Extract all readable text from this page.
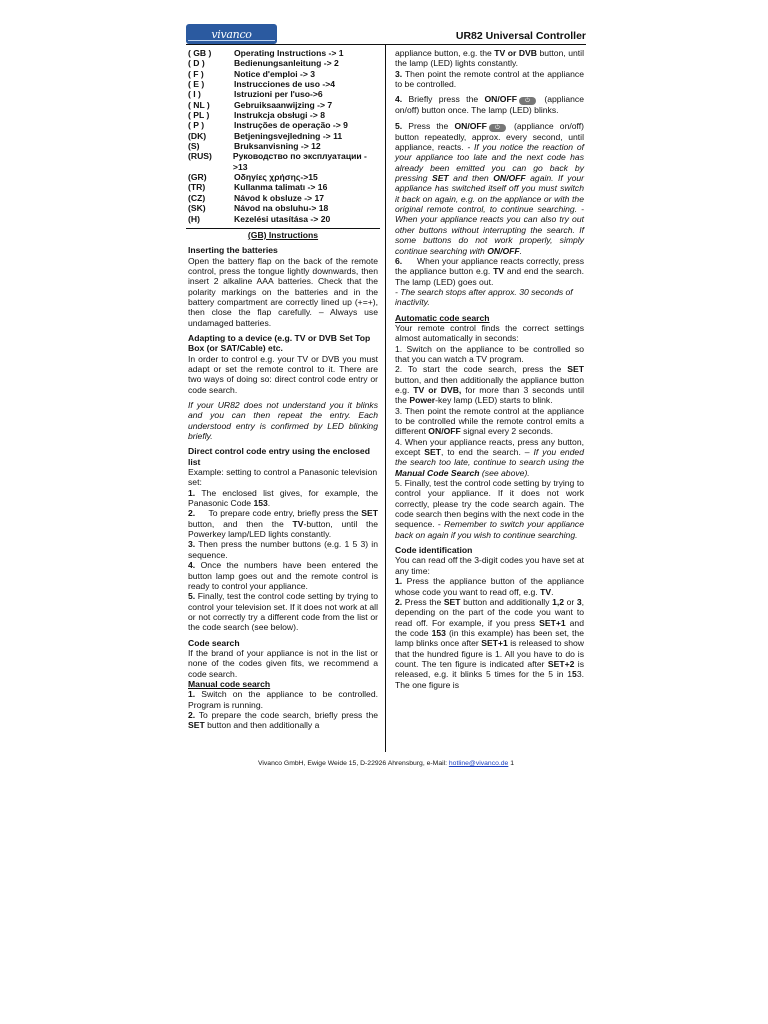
vivanco	UR82 Universal Controller
( GB )	Operating Instructions -> 1
( D )	Bedienungsanleitung -> 2
( F )	Notice d'emploi -> 3
( E )	Instrucciones de uso ->4
( I )	Istruzioni per l'uso->6
( NL )	Gebruiksaanwijzing -> 7
( PL )	Instrukcja obsługi -> 8
( P )	Instruções de operação -> 9
(DK)	Betjeningsvejledning -> 11
(S)	Bruksanvisning -> 12
(RUS)	Руководство по эксплуатации ->13
(GR)	Οδηγίες χρήσης->15
(TR)	Kullanma talimatı -> 16
(CZ)	Návod k obsluze -> 17
(SK)	Návod na obsluhu-> 18
(H)	Kezelési utasítása -> 20
(GB) Instructions
Inserting the batteries

Open the battery flap on the back of the remote control, press the tongue lightly downwards, then insert 2 alkaline AAA batteries. Check that the polarity markings on the batteries and in the battery compartment are correctly lined up (+=+), then close the flap carefully. – Always use undamaged batteries.

Adapting to a device (e.g. TV or DVB Set Top Box (or SAT/Cable) etc.

In order to control e.g. your TV or DVB you must adapt or set the remote control to it. There are two ways of doing so: direct control code entry or code search.

If your UR82 does not understand you it blinks and you can then repeat the entry. Each understood entry is confirmed by LED blinking briefly.

Direct control code entry using the enclosed list

Example: setting to control a Panasonic television set:

1. The enclosed list gives, for example, the Panasonic Code 153.

2. To prepare code entry, briefly press the SET button, and then the TV-button, until the Powerkey lamp/LED lights constantly.

3. Then press the number buttons (e.g. 1 5 3) in sequence.

4. Once the numbers have been entered the button lamp goes out and the remote control is ready to control your appliance.

5. Finally, test the control code setting by trying to control your television set. If it does not work at all or not correctly try a different code from the list or the code search (see below).

Code search

If the brand of your appliance is not in the list or none of the codes given fits, we recommend a code search.

Manual code search

1. Switch on the appliance to be controlled. Program is running.

2. To prepare the code search, briefly press the SET button and then additionally a

appliance button, e.g. the TV or DVB button, until the lamp (LED) lights constantly.

3. Then point the remote control at the appliance to be controlled.

4. Briefly press the ON/OFF ⏻ (appliance on/off) button once. The lamp (LED) blinks.

5. Press the ON/OFF ⏻ (appliance on/off) button repeatedly, approx. every second, until appliance, reacts. - If you notice the reaction of your appliance too late and the next code has already been emitted you can go back by pressing SET and then ON/OFF again. If your appliance has switched itself off you must switch it back on again, e.g. on the appliance or with the original remote control, to continue searching. - When your appliance reacts you can also try out other buttons without interrupting the search. If some buttons do not work properly, simply continue searching with ON/OFF.

6. When your appliance reacts correctly, press the appliance button e.g. TV and end the search. The lamp (LED) goes out.

- The search stops after approx. 30 seconds of inactivity.

Automatic code search

Your remote control finds the correct settings almost automatically in seconds:

1. Switch on the appliance to be controlled so that you can watch a TV program.

2. To start the code search, press the SET button, and then additionally the appliance button e.g. TV or DVB, for more than 3 seconds until the Power-key lamp (LED) starts to blink.

3. Then point the remote control at the appliance to be controlled while the remote control emits a different ON/OFF signal every 2 seconds.

4. When your appliance reacts, press any button, except SET, to end the search. – If you ended the search too late, continue to search using the Manual Code Search (see above).

5. Finally, test the control code setting by trying to control your appliance. If it does not work correctly, please try the code search again. The code search then begins with the next code in the sequence. - Remember to switch your appliance back on again if you wish to continue searching.

Code identification

You can read off the 3-digit codes you have set at any time:

1. Press the appliance button of the appliance whose code you want to read off, e.g. TV.

2. Press the SET button and additionally 1,2 or 3, depending on the part of the code you want to read off. For example, if you press SET+1 and the code 153 (in this example) has been set, the lamp blinks once after SET+1 is released to show that the hundred figure is 1. All you have to do is count. The ten figure is indicated after SET+2 is released, e.g. it blinks 5 times for the 5 in 153. The one figure is

Vivanco GmbH, Ewige Weide 15, D-22926 Ahrensburg, e-Mail: hotline@vivanco.de 1
